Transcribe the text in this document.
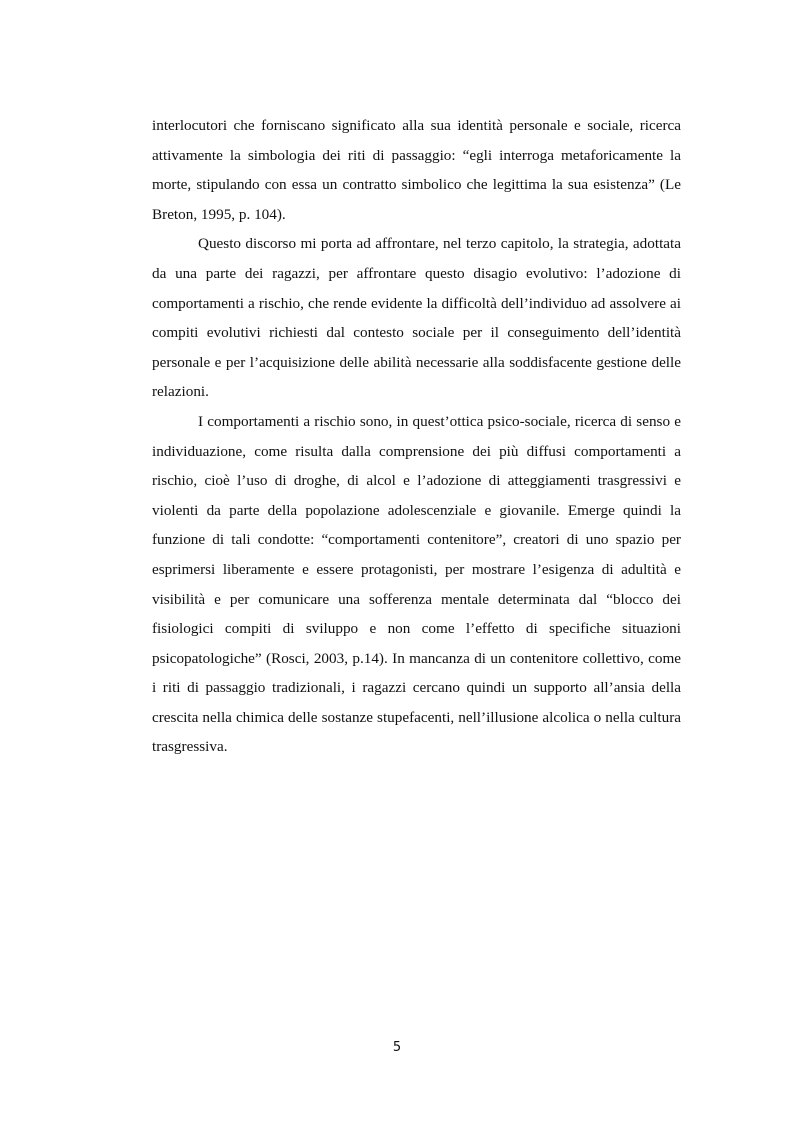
interlocutori che forniscano significato alla sua identità personale e sociale, ricerca attivamente la simbologia dei riti di passaggio: “egli interroga metaforicamente la morte, stipulando con essa un contratto simbolico che legittima la sua esistenza” (Le Breton, 1995, p. 104).

Questo discorso mi porta ad affrontare, nel terzo capitolo, la strategia, adottata da una parte dei ragazzi, per affrontare questo disagio evolutivo: l’adozione di comportamenti a rischio, che rende evidente la difficoltà dell’individuo ad assolvere ai compiti evolutivi richiesti dal contesto sociale per il conseguimento dell’identità personale e per l’acquisizione delle abilità necessarie alla soddisfacente gestione delle relazioni.

I comportamenti a rischio sono, in quest’ottica psico-sociale, ricerca di senso e individuazione, come risulta dalla comprensione dei più diffusi comportamenti a rischio, cioè l’uso di droghe, di alcol e l’adozione di atteggiamenti trasgressivi e violenti da parte della popolazione adolescenziale e giovanile. Emerge quindi la funzione di tali condotte: “comportamenti contenitore”, creatori di uno spazio per esprimersi liberamente e essere protagonisti, per mostrare l’esigenza di adultità e visibilità e per comunicare una sofferenza mentale determinata dal “blocco dei fisiologici compiti di sviluppo e non come l’effetto di specifiche situazioni psicopatologiche” (Rosci, 2003, p.14). In mancanza di un contenitore collettivo, come i riti di passaggio tradizionali, i ragazzi cercano quindi un supporto all’ansia della crescita nella chimica delle sostanze stupefacenti, nell’illusione alcolica o nella cultura trasgressiva.

5
